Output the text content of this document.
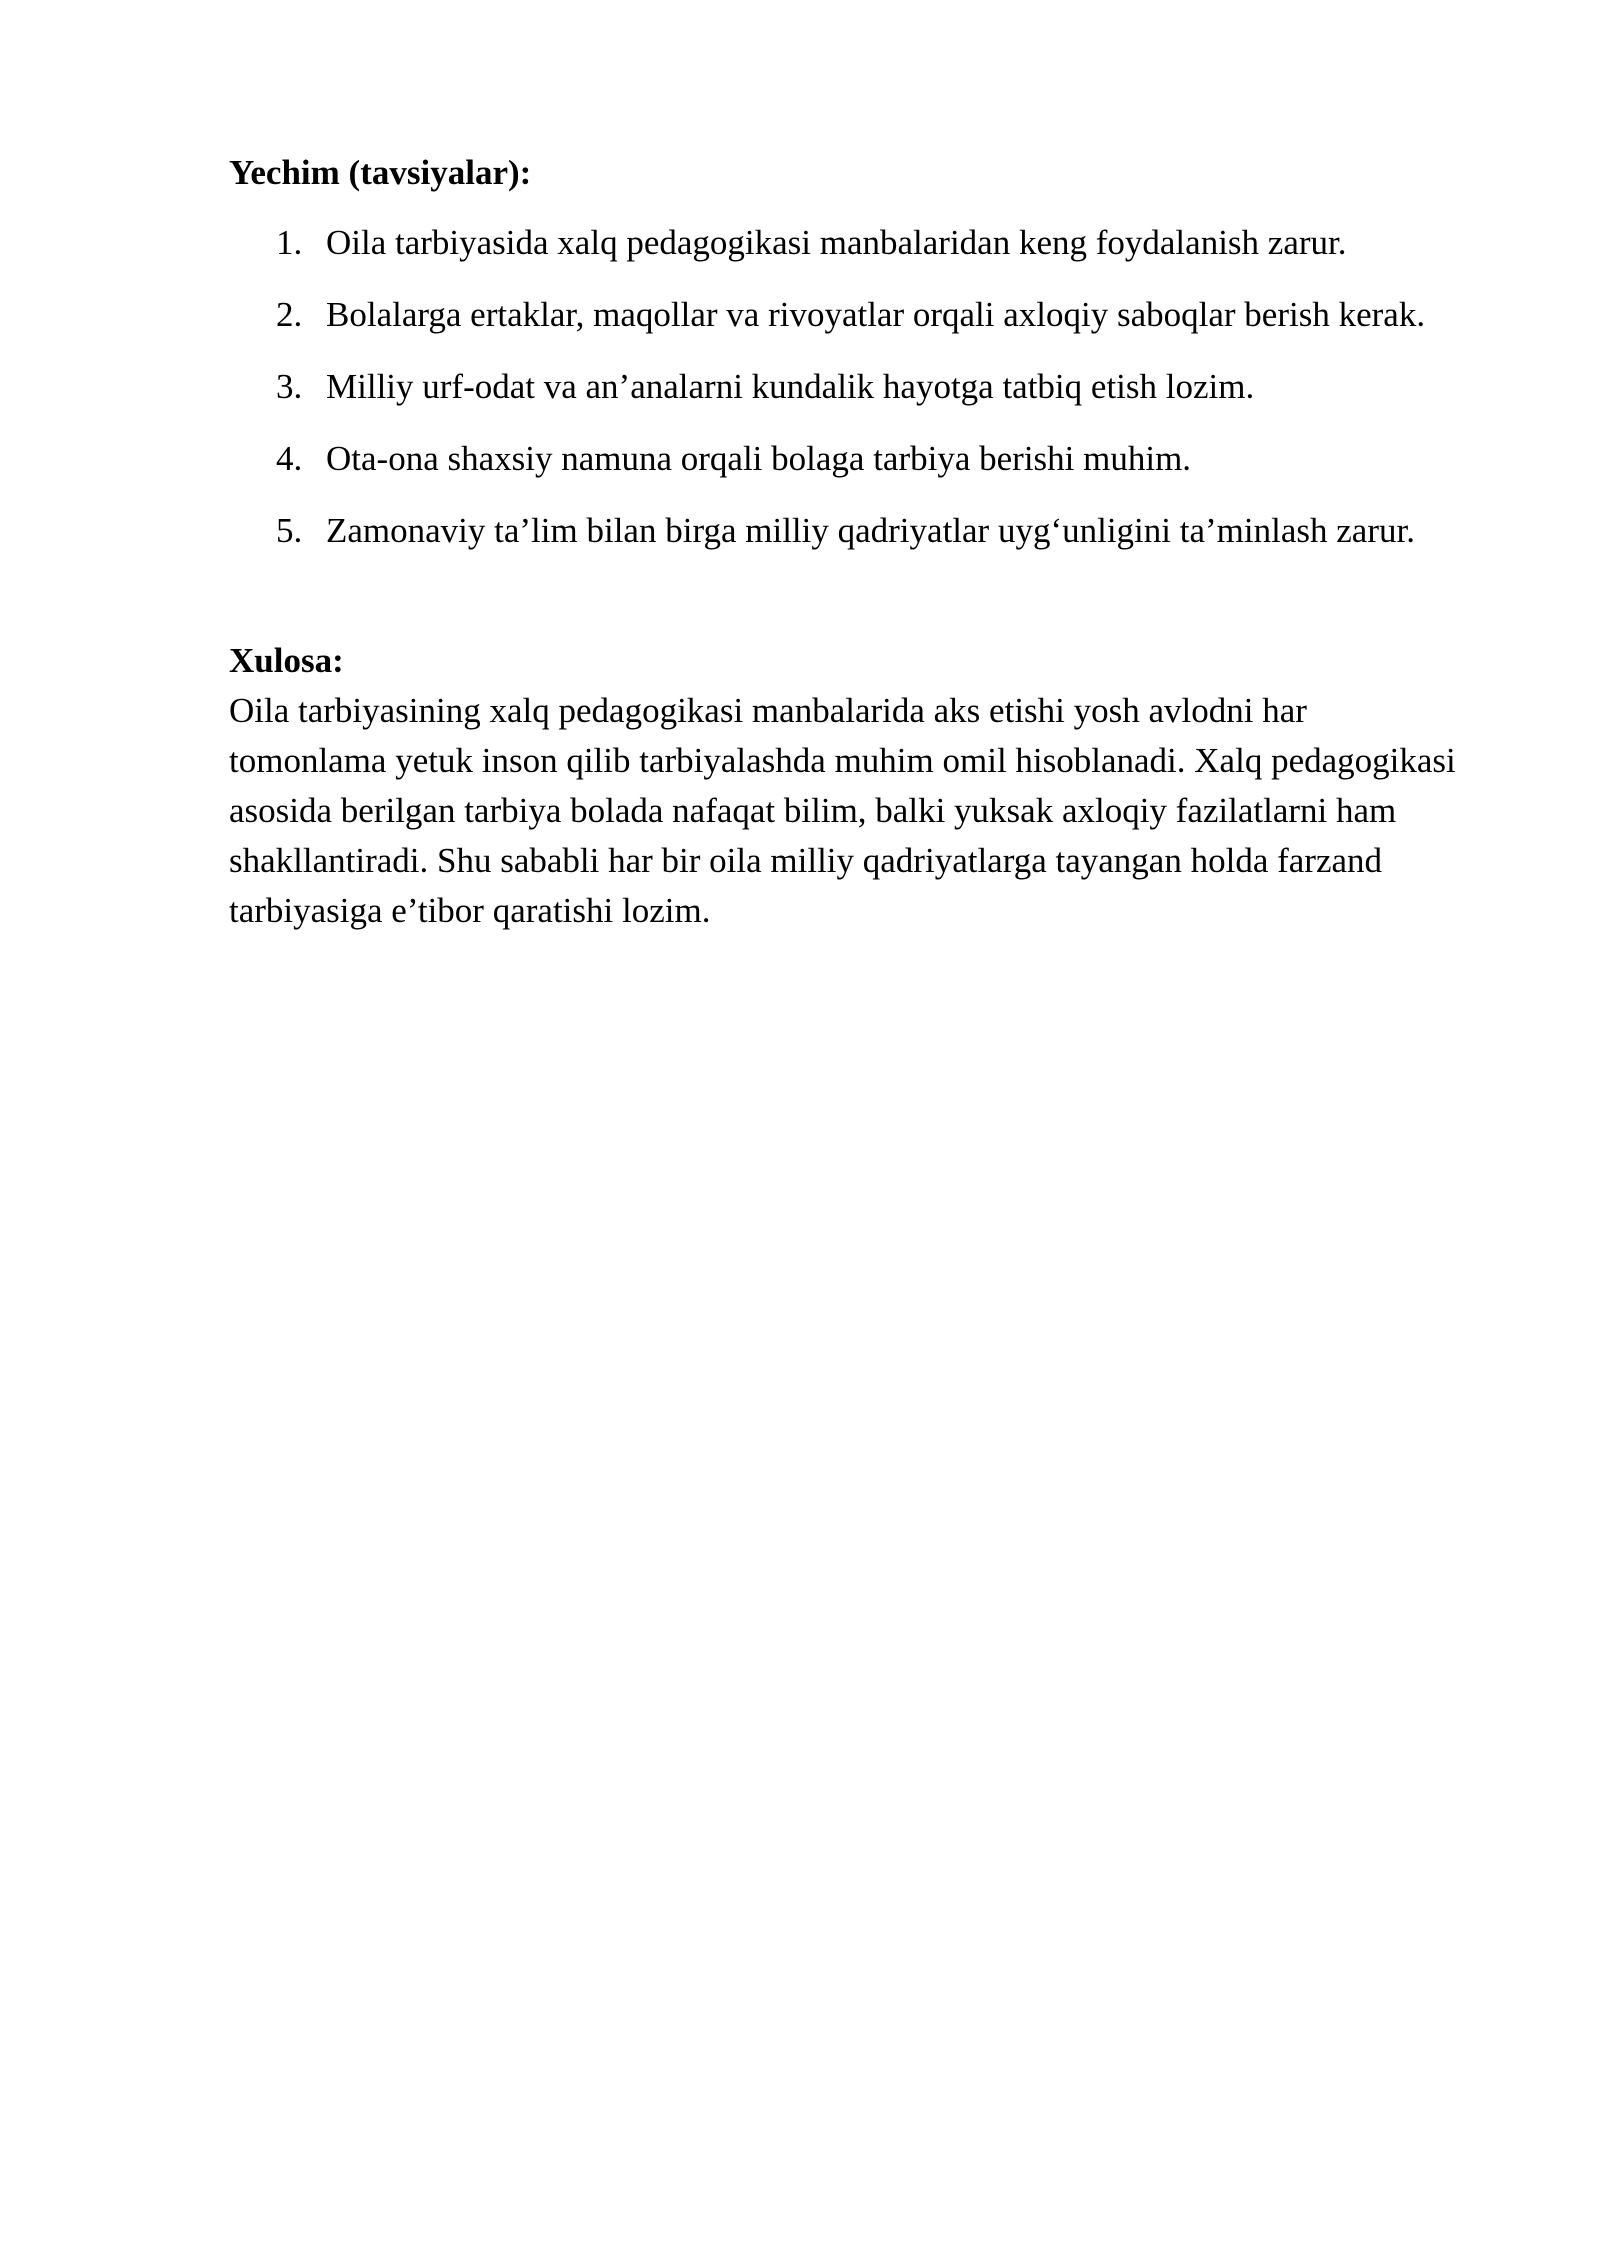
Yechim (tavsiyalar):

1. Oila tarbiyasida xalq pedagogikasi manbalaridan keng foydalanish zarur.
2. Bolalarga ertaklar, maqollar va rivoyatlar orqali axloqiy saboqlar berish kerak.
3. Milliy urf-odat va an’analarni kundalik hayotga tatbiq etish lozim.
4. Ota-ona shaxsiy namuna orqali bolaga tarbiya berishi muhim.
5. Zamonaviy ta’lim bilan birga milliy qadriyatlar uyg‘unligini ta’minlash zarur.

Xulosa:

Oila tarbiyasining xalq pedagogikasi manbalarida aks etishi yosh avlodni har tomonlama yetuk inson qilib tarbiyalashda muhim omil hisoblanadi. Xalq pedagogikasi asosida berilgan tarbiya bolada nafaqat bilim, balki yuksak axloqiy fazilatlarni ham shakllantiradi. Shu sababli har bir oila milliy qadriyatlarga tayangan holda farzand tarbiyasiga e’tibor qaratishi lozim.
